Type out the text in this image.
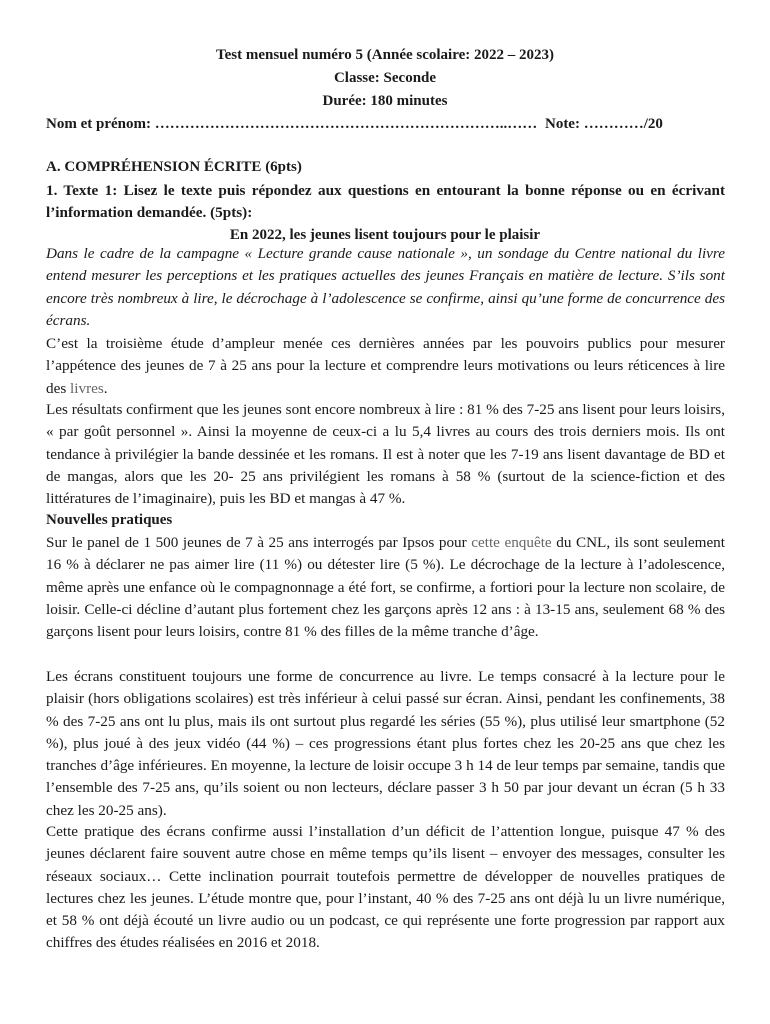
Test mensuel numéro 5 (Année scolaire: 2022 – 2023)
Classe: Seconde
Durée: 180 minutes
Nom et prénom: ……………………………………………………………..…… Note: …………/20
A. COMPRÉHENSION ÉCRITE (6pts)
1. Texte 1: Lisez le texte puis répondez aux questions en entourant la bonne réponse ou en écrivant l’information demandée. (5pts):
En 2022, les jeunes lisent toujours pour le plaisir
Dans le cadre de la campagne « Lecture grande cause nationale », un sondage du Centre national du livre entend mesurer les perceptions et les pratiques actuelles des jeunes Français en matière de lecture. S’ils sont encore très nombreux à lire, le décrochage à l’adolescence se confirme, ainsi qu’une forme de concurrence des écrans.
C’est la troisième étude d’ampleur menée ces dernières années par les pouvoirs publics pour mesurer l’appétence des jeunes de 7 à 25 ans pour la lecture et comprendre leurs motivations ou leurs réticences à lire des livres.
Les résultats confirment que les jeunes sont encore nombreux à lire : 81 % des 7-25 ans lisent pour leurs loisirs, « par goût personnel ». Ainsi la moyenne de ceux-ci a lu 5,4 livres au cours des trois derniers mois. Ils ont tendance à privilégier la bande dessinée et les romans. Il est à noter que les 7-19 ans lisent davantage de BD et de mangas, alors que les 20- 25 ans privilégient les romans à 58 % (surtout de la science-fiction et des littératures de l’imaginaire), puis les BD et mangas à 47 %.
Nouvelles pratiques
Sur le panel de 1 500 jeunes de 7 à 25 ans interrogés par Ipsos pour cette enquête du CNL, ils sont seulement 16 % à déclarer ne pas aimer lire (11 %) ou détester lire (5 %). Le décrochage de la lecture à l’adolescence, même après une enfance où le compagnonnage a été fort, se confirme, a fortiori pour la lecture non scolaire, de loisir. Celle-ci décline d’autant plus fortement chez les garçons après 12 ans : à 13-15 ans, seulement 68 % des garçons lisent pour leurs loisirs, contre 81 % des filles de la même tranche d’âge.
Les écrans constituent toujours une forme de concurrence au livre. Le temps consacré à la lecture pour le plaisir (hors obligations scolaires) est très inférieur à celui passé sur écran. Ainsi, pendant les confinements, 38 % des 7-25 ans ont lu plus, mais ils ont surtout plus regardé les séries (55 %), plus utilisé leur smartphone (52 %), plus joué à des jeux vidéo (44 %) – ces progressions étant plus fortes chez les 20-25 ans que chez les tranches d’âge inférieures. En moyenne, la lecture de loisir occupe 3 h 14 de leur temps par semaine, tandis que l’ensemble des 7-25 ans, qu’ils soient ou non lecteurs, déclare passer 3 h 50 par jour devant un écran (5 h 33 chez les 20-25 ans).
Cette pratique des écrans confirme aussi l’installation d’un déficit de l’attention longue, puisque 47 % des jeunes déclarent faire souvent autre chose en même temps qu’ils lisent – envoyer des messages, consulter les réseaux sociaux… Cette inclination pourrait toutefois permettre de développer de nouvelles pratiques de lectures chez les jeunes. L’étude montre que, pour l’instant, 40 % des 7-25 ans ont déjà lu un livre numérique, et 58 % ont déjà écouté un livre audio ou un podcast, ce qui représente une forte progression par rapport aux chiffres des études réalisées en 2016 et 2018.
